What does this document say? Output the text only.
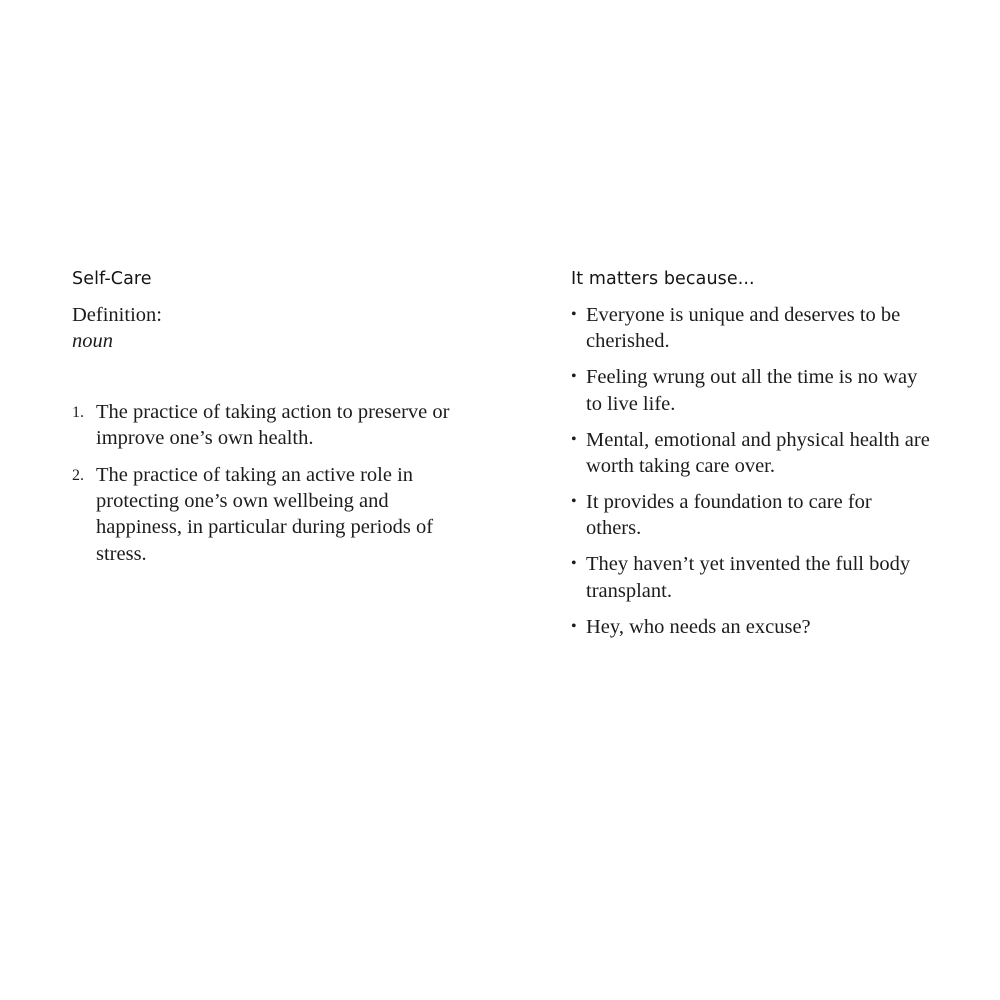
Self-Care
Definition:
noun
1. The practice of taking action to preserve or improve one’s own health.
2. The practice of taking an active role in protecting one’s own wellbeing and happiness, in particular during periods of stress.
It matters because...
• Everyone is unique and deserves to be cherished.
• Feeling wrung out all the time is no way to live life.
• Mental, emotional and physical health are worth taking care over.
• It provides a foundation to care for others.
• They haven’t yet invented the full body transplant.
• Hey, who needs an excuse?
